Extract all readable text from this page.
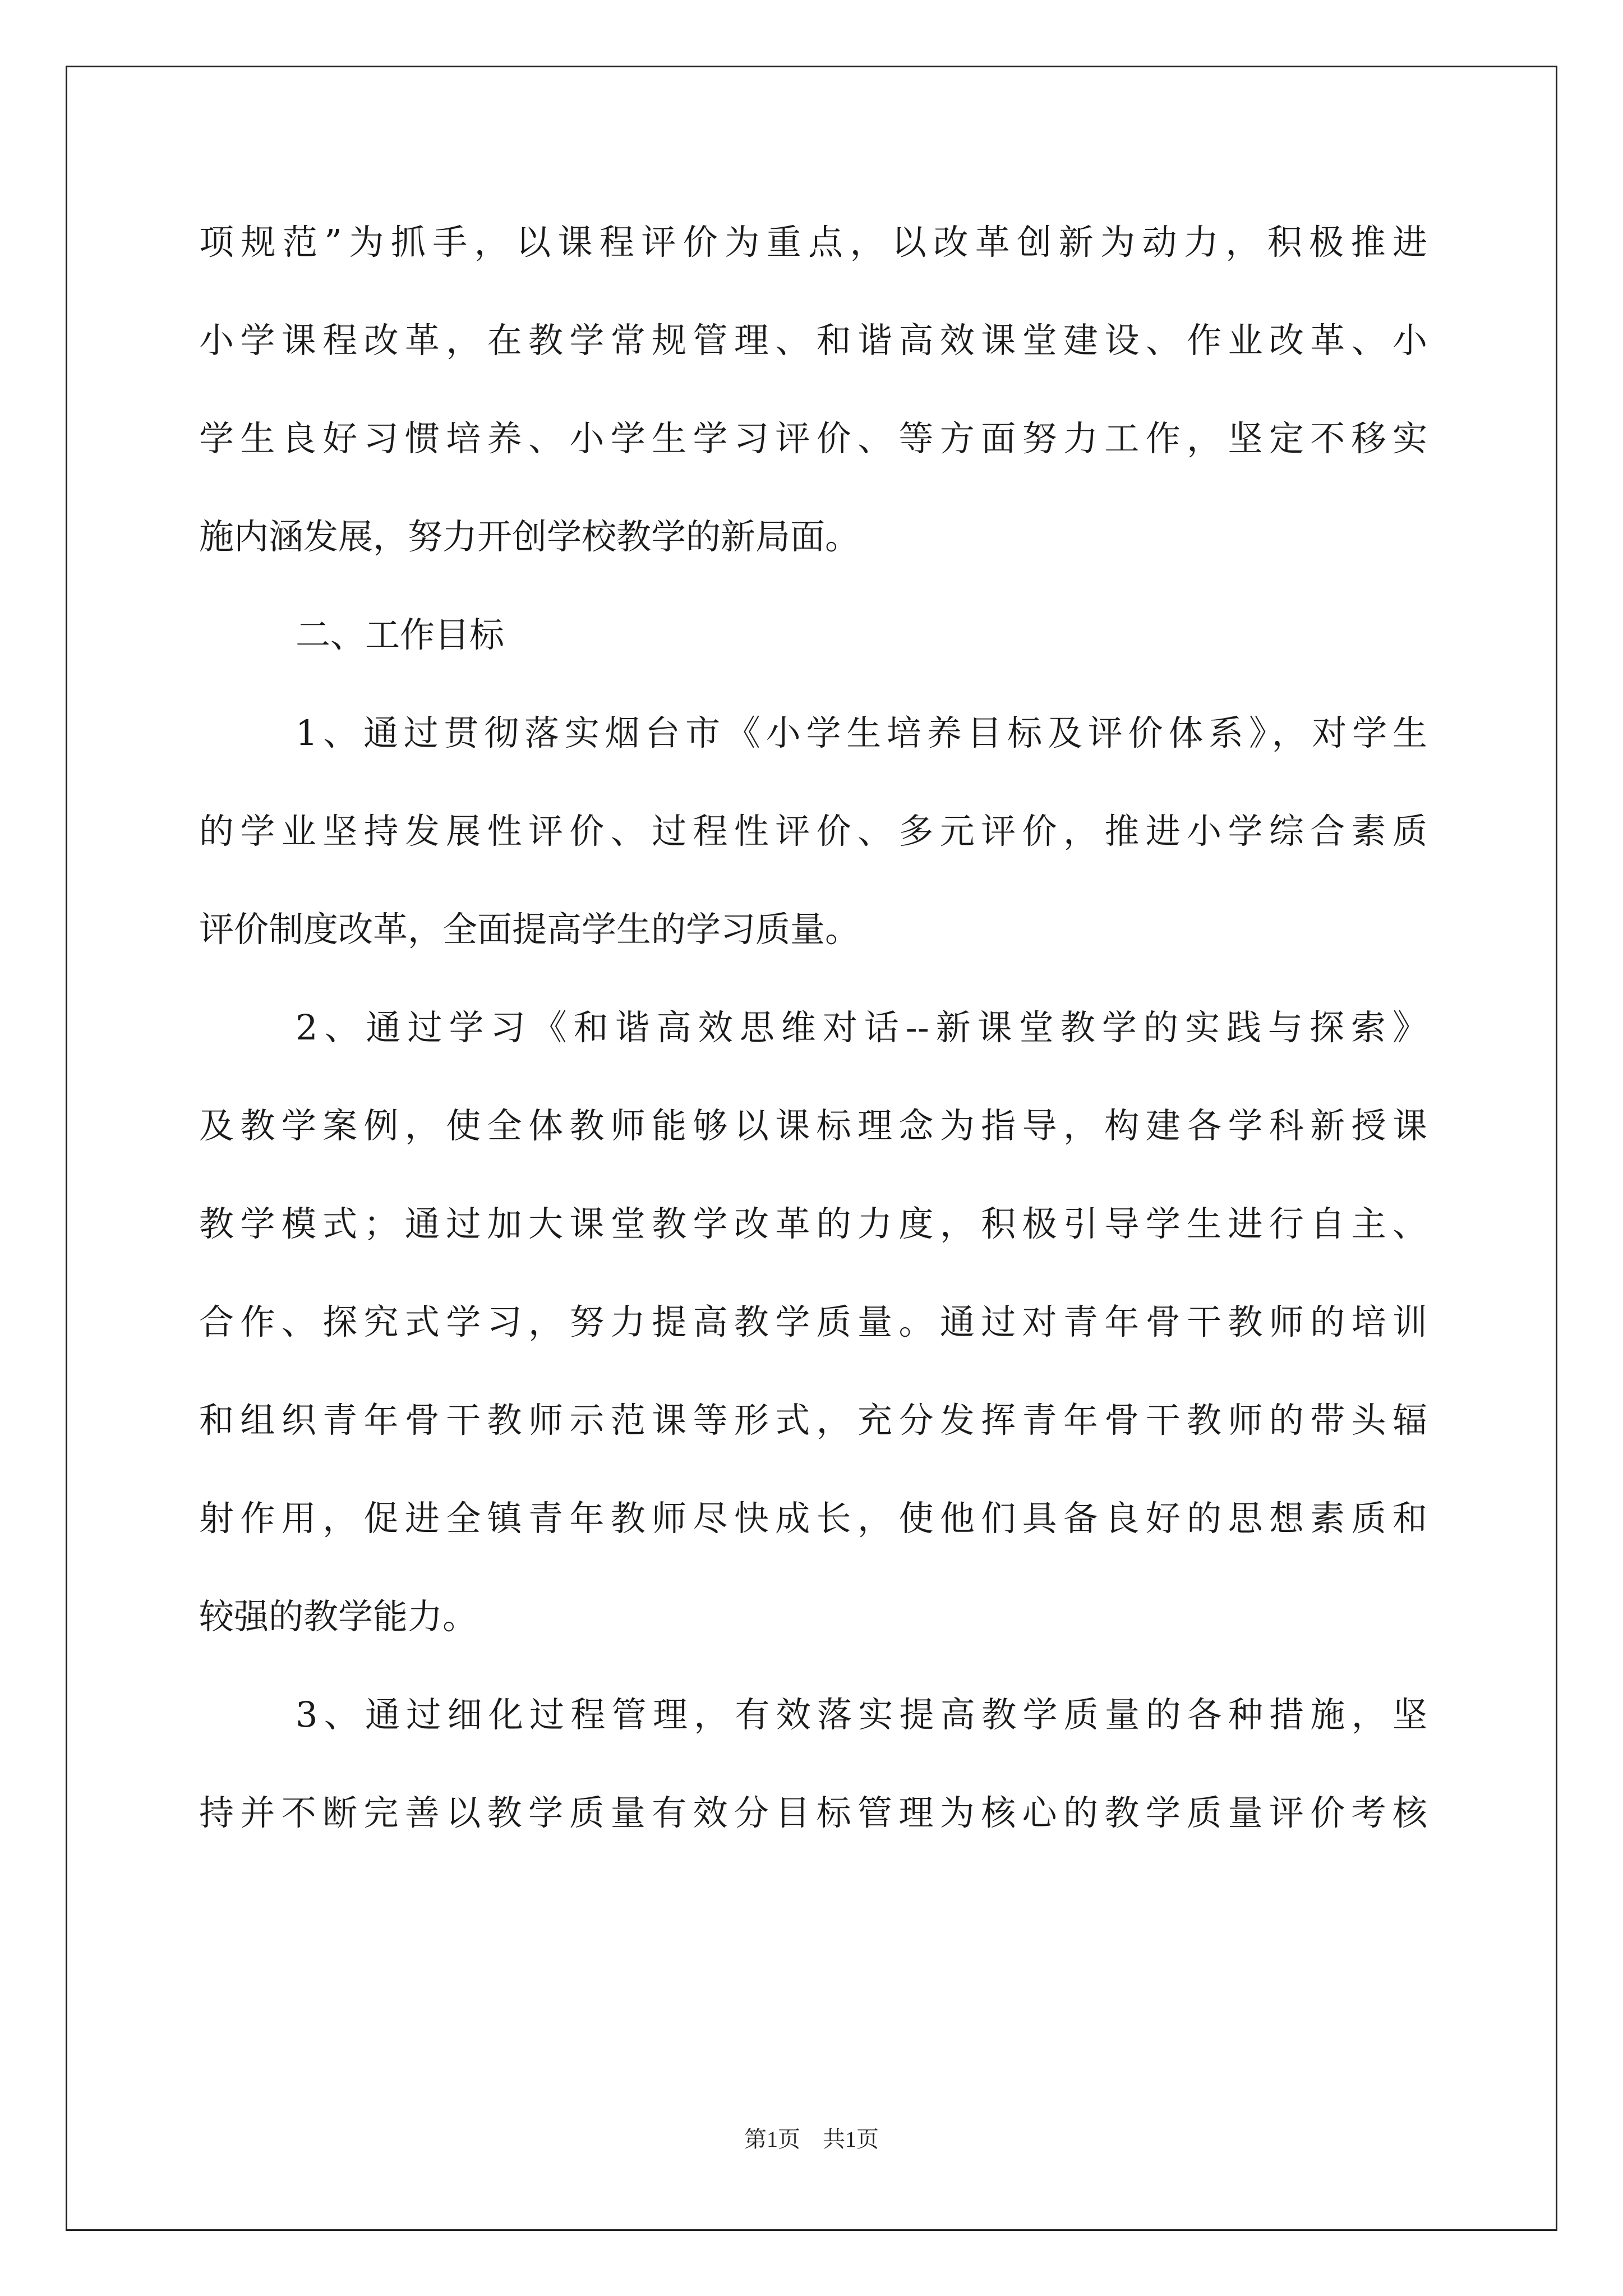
项规范”为抓手，以课程评价为重点，以改革创新为动力，积极推进
小学课程改革，在教学常规管理、和谐高效课堂建设、作业改革、小
学生良好习惯培养、小学生学习评价、等方面努力工作，坚定不移实
施内涵发展，努力开创学校教学的新局面。
二、工作目标
1、通过贯彻落实烟台市《小学生培养目标及评价体系》，对学生
的学业坚持发展性评价、过程性评价、多元评价，推进小学综合素质
评价制度改革，全面提高学生的学习质量。
2、通过学习《和谐高效思维对话--新课堂教学的实践与探索》
及教学案例，使全体教师能够以课标理念为指导，构建各学科新授课
教学模式；通过加大课堂教学改革的力度，积极引导学生进行自主、
合作、探究式学习，努力提高教学质量。通过对青年骨干教师的培训
和组织青年骨干教师示范课等形式，充分发挥青年骨干教师的带头辐
射作用，促进全镇青年教师尽快成长，使他们具备良好的思想素质和
较强的教学能力。
3、通过细化过程管理，有效落实提高教学质量的各种措施，坚
持并不断完善以教学质量有效分目标管理为核心的教学质量评价考核
第1页　共1页
